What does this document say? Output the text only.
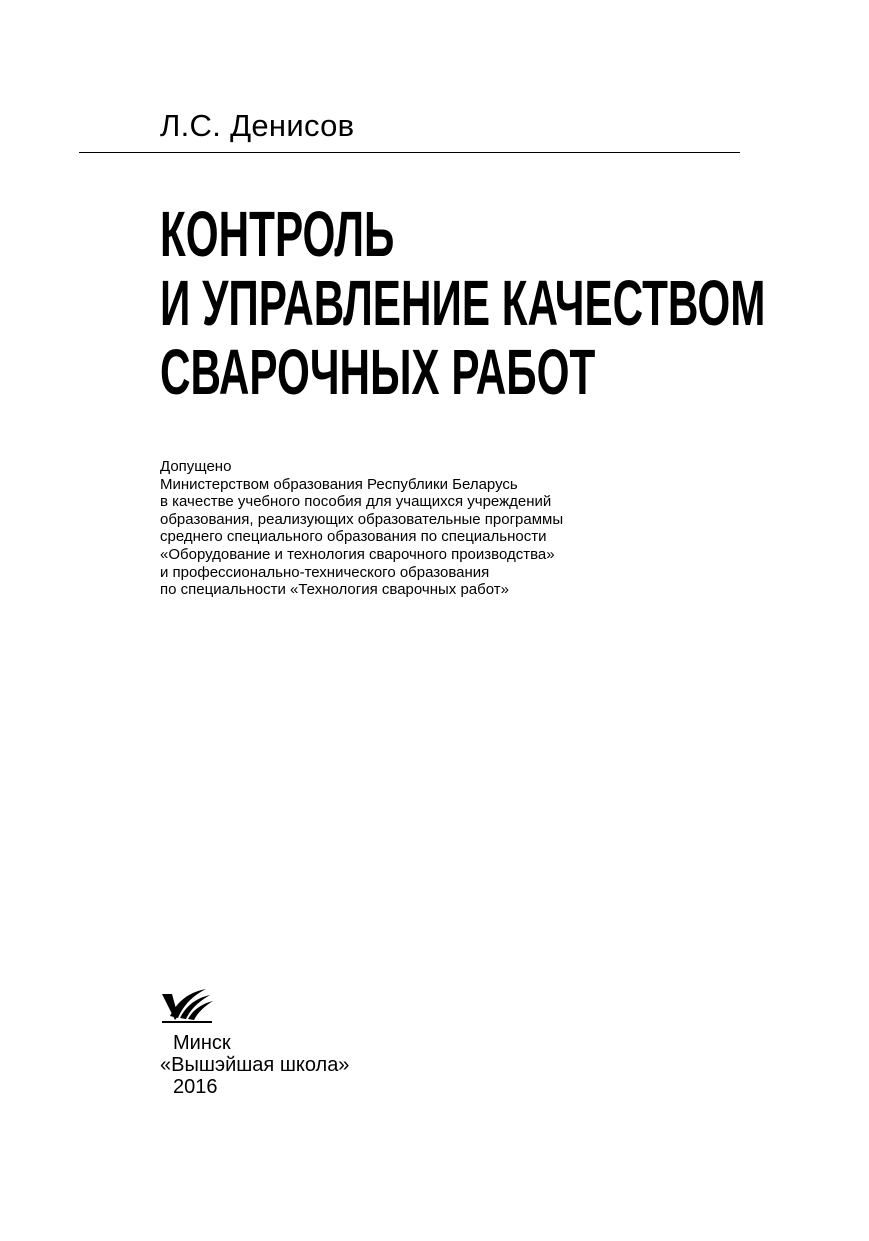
Л.С. Денисов
КОНТРОЛЬ
И УПРАВЛЕНИЕ КАЧЕСТВОМ
СВАРОЧНЫХ РАБОТ
Допущено
Министерством образования Республики Беларусь
в качестве учебного пособия для учащихся учреждений
образования, реализующих образовательные программы
среднего специального образования по специальности
«Оборудование и технология сварочного производства»
и профессионально-технического образования
по специальности «Технология сварочных работ»
Минск
«Вышэйшая школа»
2016
